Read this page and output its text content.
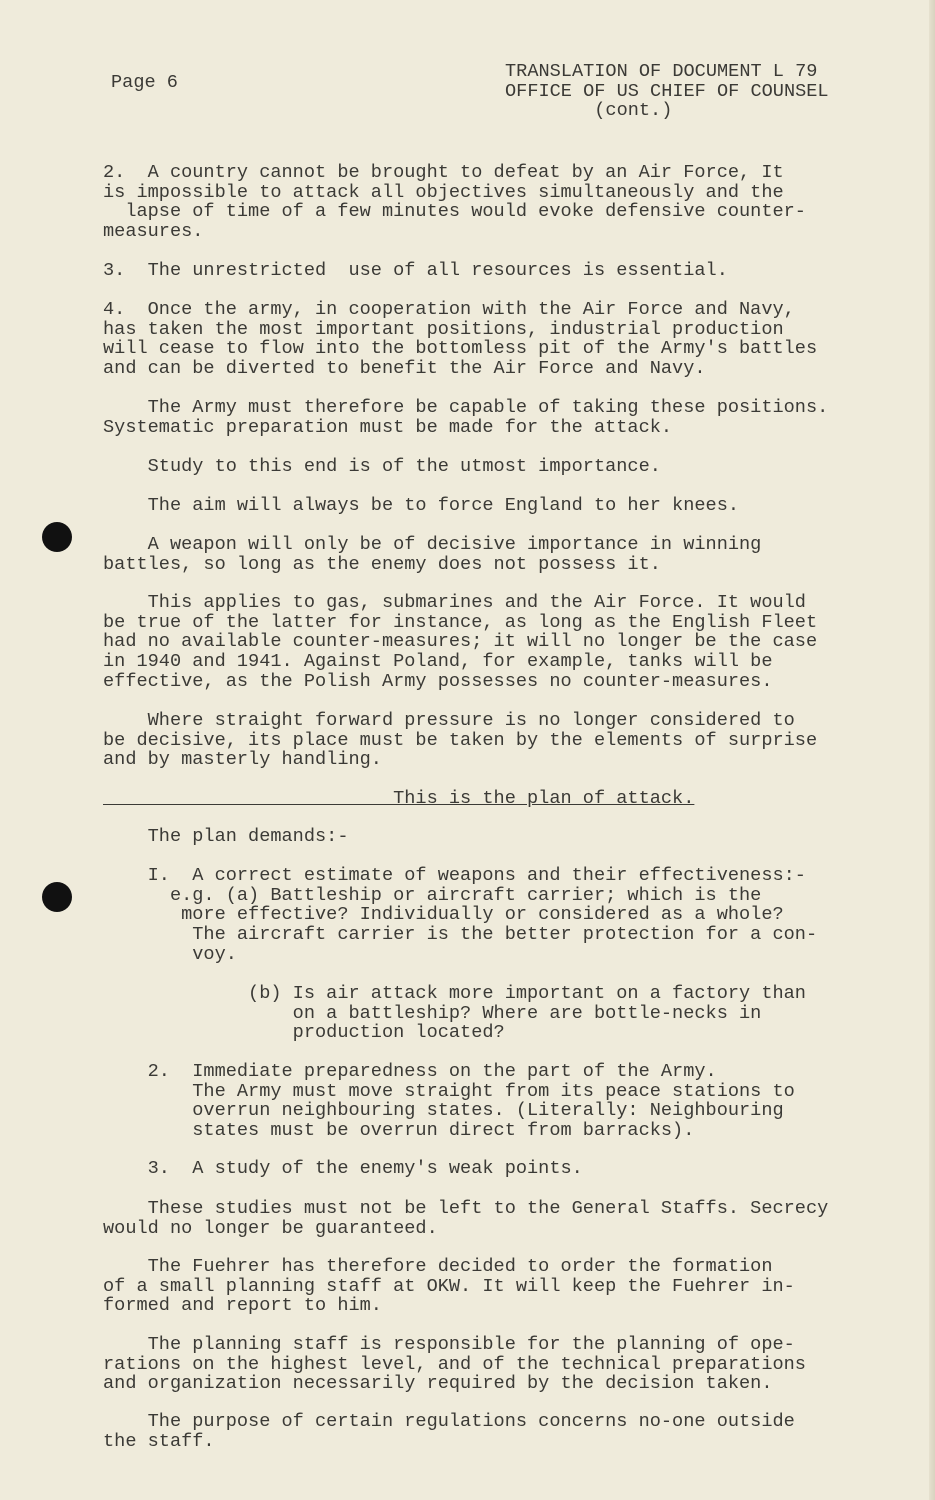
Page 6
TRANSLATION OF DOCUMENT L 79
OFFICE OF US CHIEF OF COUNSEL
(cont.)
2.  A country cannot be brought to defeat by an Air Force, It
is impossible to attack all objectives simultaneously and the
lapse of time of a few minutes would evoke defensive counter-
measures.
3.  The unrestricted  use of all resources is essential.
4.  Once the army, in cooperation with the Air Force and Navy,
has taken the most important positions, industrial production
will cease to flow into the bottomless pit of the Army's battles
and can be diverted to benefit the Air Force and Navy.
The Army must therefore be capable of taking these positions.
Systematic preparation must be made for the attack.
Study to this end is of the utmost importance.
The aim will always be to force England to her knees.
A weapon will only be of decisive importance in winning
battles, so long as the enemy does not possess it.
This applies to gas, submarines and the Air Force. It would
be true of the latter for instance, as long as the English Fleet
had no available counter-measures; it will no longer be the case
in 1940 and 1941. Against Poland, for example, tanks will be
effective, as the Polish Army possesses no counter-measures.
Where straight forward pressure is no longer considered to
be decisive, its place must be taken by the elements of surprise
and by masterly handling.
This is the plan of attack.
The plan demands:-
I.  A correct estimate of weapons and their effectiveness:-
e.g. (a) Battleship or aircraft carrier; which is the
more effective? Individually or considered as a whole?
The aircraft carrier is the better protection for a con-
voy.
(b) Is air attack more important on a factory than
on a battleship? Where are bottle-necks in
production located?
2.  Immediate preparedness on the part of the Army.
The Army must move straight from its peace stations to
overrun neighbouring states. (Literally: Neighbouring
states must be overrun direct from barracks).
3.  A study of the enemy's weak points.
These studies must not be left to the General Staffs. Secrecy
would no longer be guaranteed.
The Fuehrer has therefore decided to order the formation
of a small planning staff at OKW. It will keep the Fuehrer in-
formed and report to him.
The planning staff is responsible for the planning of ope-
rations on the highest level, and of the technical preparations
and organization necessarily required by the decision taken.
The purpose of certain regulations concerns no-one outside
the staff.
